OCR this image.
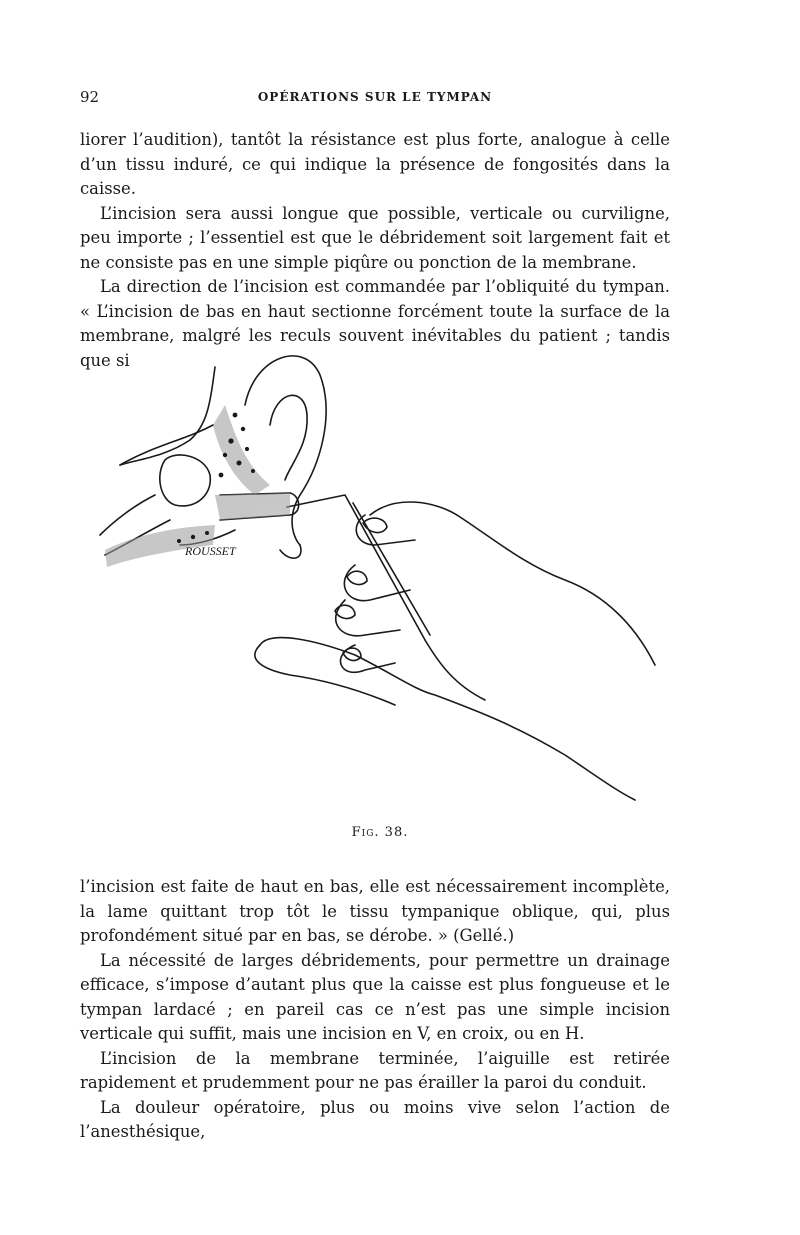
92	OPÉRATIONS SUR LE TYMPAN

liorer l’audition), tantôt la résistance est plus forte, analogue à celle d’un tissu induré, ce qui indique la présence de fongosités dans la caisse.

L’incision sera aussi longue que possible, verticale ou curviligne, peu importe ; l’essentiel est que le débridement soit largement fait et ne consiste pas en une simple piqûre ou ponction de la membrane.

La direction de l’incision est commandée par l’obliquité du tympan. « L’incision de bas en haut sectionne forcément toute la surface de la membrane, malgré les reculs souvent inévitables du patient ; tandis que si

ROUSSET
Fig. 38.

l’incision est faite de haut en bas, elle est nécessairement incomplète, la lame quittant trop tôt le tissu tympanique oblique, qui, plus profondément situé par en bas, se dérobe. » (Gellé.)

La nécessité de larges débridements, pour permettre un drainage efficace, s’impose d’autant plus que la caisse est plus fongueuse et le tympan lardacé ; en pareil cas ce n’est pas une simple incision verticale qui suffit, mais une incision en V, en croix, ou en H.

L’incision de la membrane terminée, l’aiguille est retirée rapidement et prudemment pour ne pas érailler la paroi du conduit.

La douleur opératoire, plus ou moins vive selon l’action de l’anesthésique,
